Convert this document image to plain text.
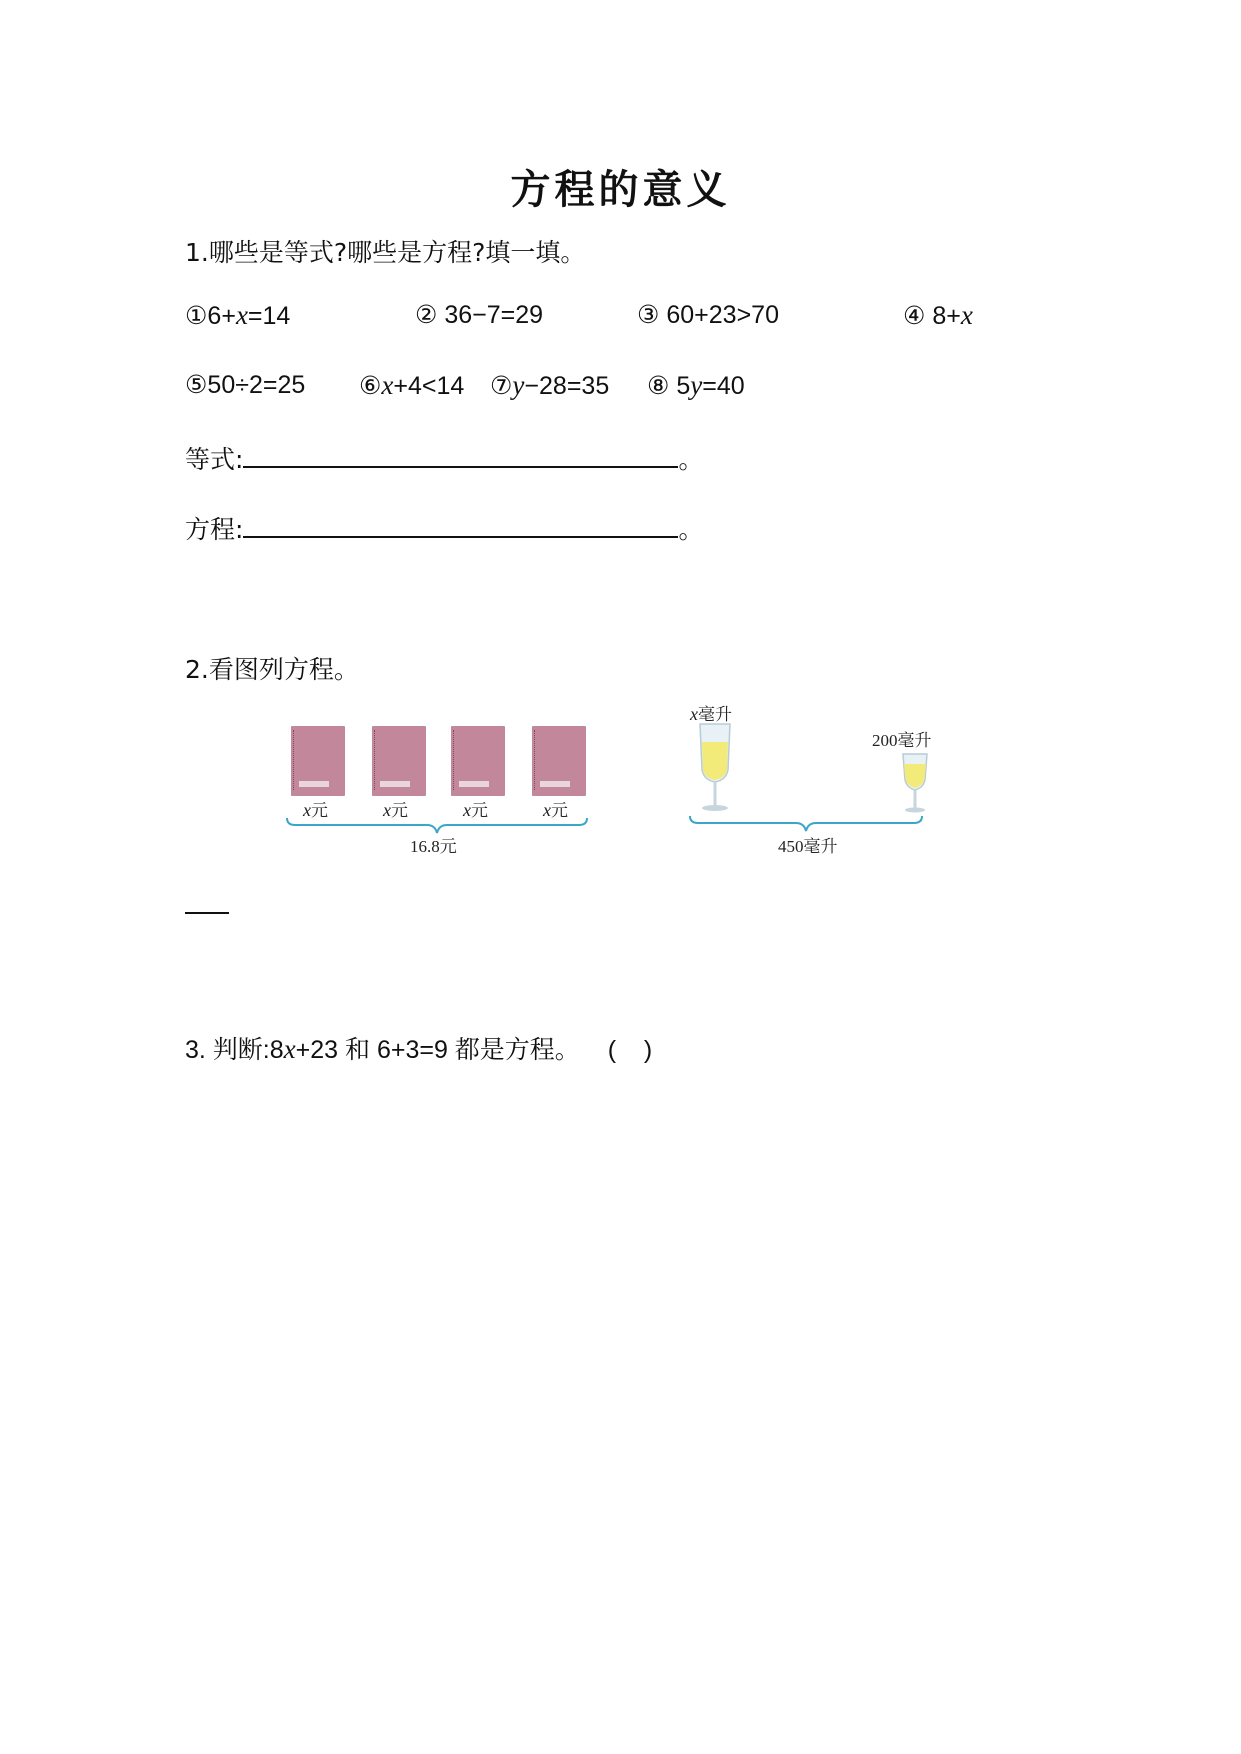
方程的意义
1.哪些是等式?哪些是方程?填一填。
①6+x=14	② 36−7=29	③ 60+23>70	④ 8+x
⑤50÷2=25 ⑥x+4<14 ⑦y−28=35 ⑧ 5y=40
等式:	。
方程:	。
2.看图列方程。
x元	x元	x元	x元
16.8元
x毫升
200毫升
450毫升
3. 判断:8x+23 和 6+3=9 都是方程。 (    )
